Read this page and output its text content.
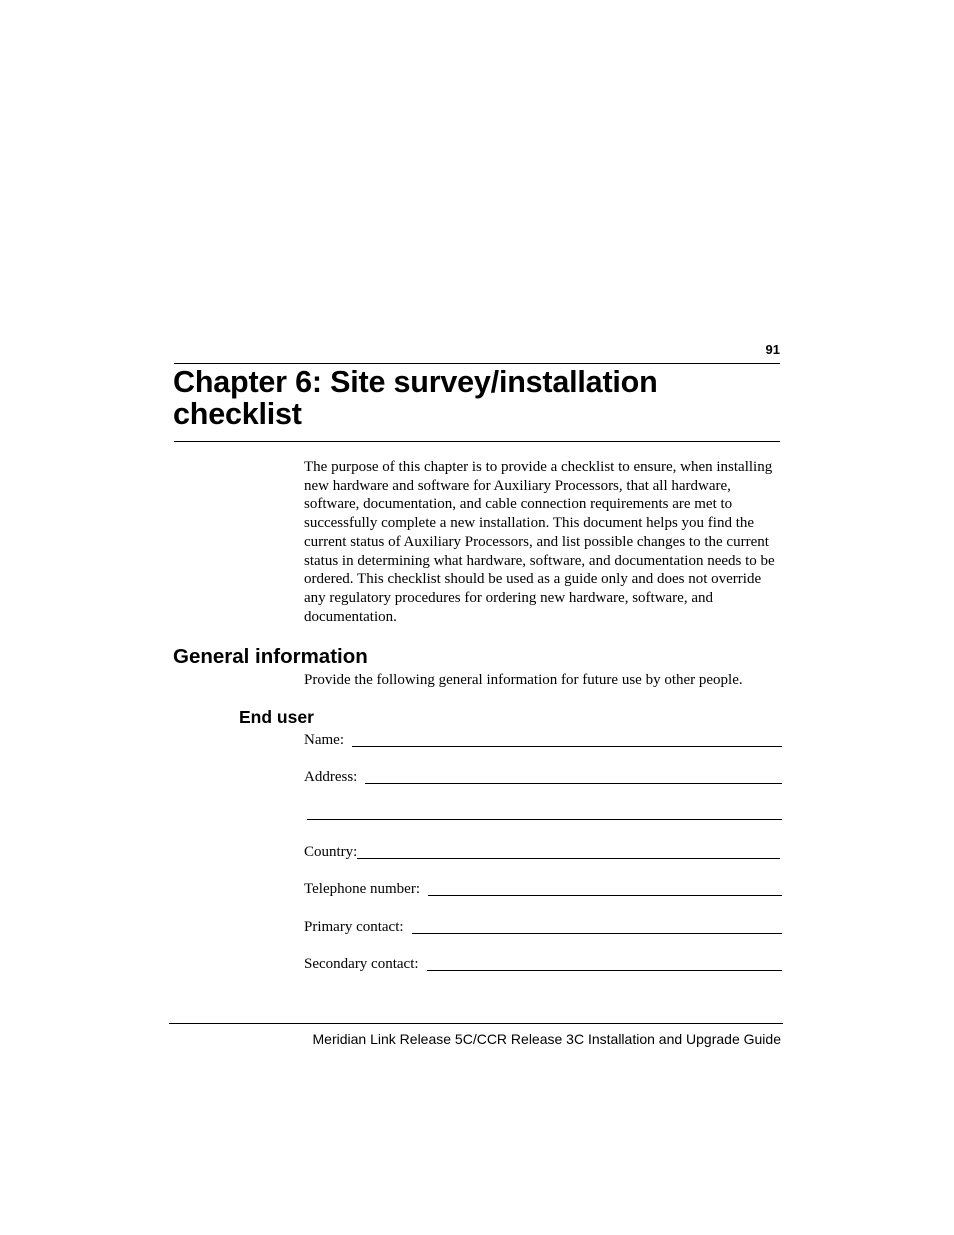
91
Chapter 6: Site survey/installation checklist

The purpose of this chapter is to provide a checklist to ensure, when installing new hardware and software for Auxiliary Processors, that all hardware, software, documentation, and cable connection requirements are met to successfully complete a new installation. This document helps you find the current status of Auxiliary Processors, and list possible changes to the current status in determining what hardware, software, and documentation needs to be ordered. This checklist should be used as a guide only and does not override any regulatory procedures for ordering new hardware, software, and documentation.

General information

Provide the following general information for future use by other people.

End user
Name:
Address:
Country:
Telephone number:
Primary contact:
Secondary contact:
Meridian Link Release 5C/CCR Release 3C Installation and Upgrade Guide
